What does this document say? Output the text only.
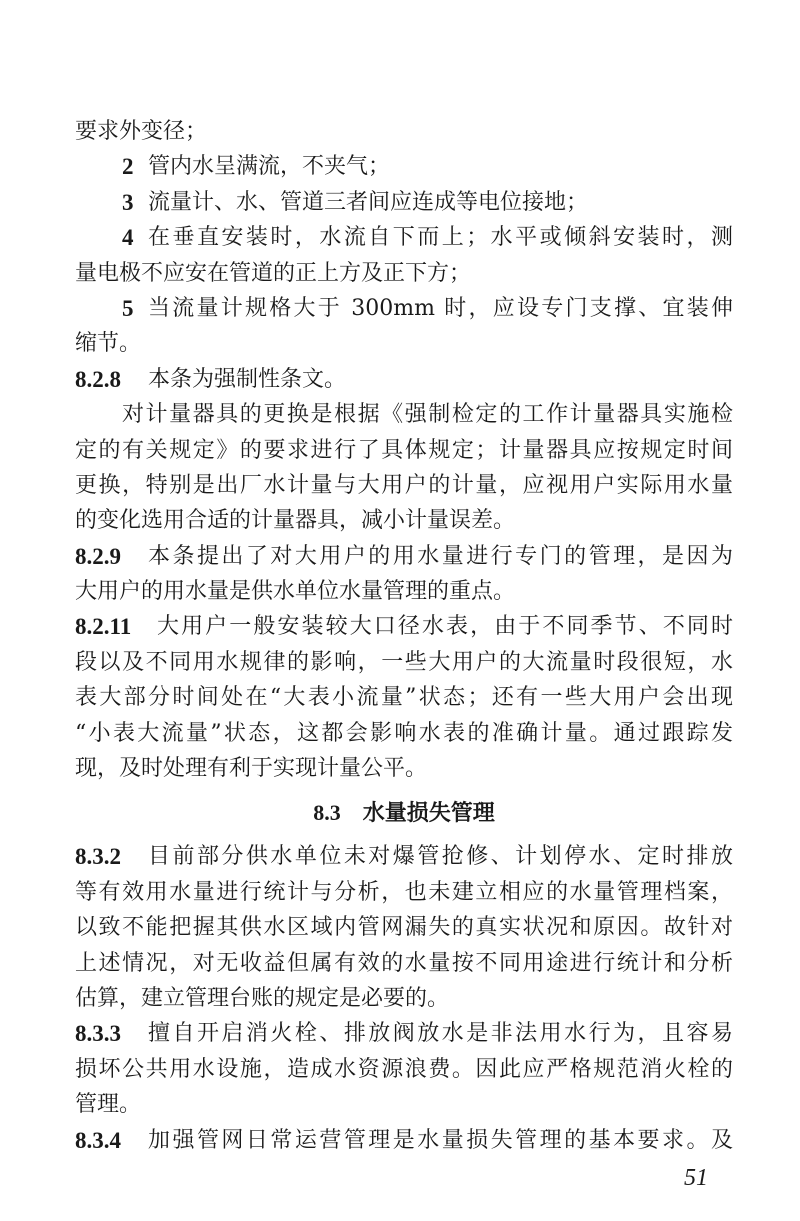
要求外变径；
2 管内水呈满流，不夹气；
3 流量计、水、管道三者间应连成等电位接地；
4 在垂直安装时，水流自下而上；水平或倾斜安装时，测
量电极不应安在管道的正上方及正下方；
5 当流量计规格大于 300mm 时，应设专门支撑、宜装伸
缩节。
8.2.8	本条为强制性条文。
对计量器具的更换是根据《强制检定的工作计量器具实施检
定的有关规定》的要求进行了具体规定；计量器具应按规定时间
更换，特别是出厂水计量与大用户的计量，应视用户实际用水量
的变化选用合适的计量器具，减小计量误差。
8.2.9	本条提出了对大用户的用水量进行专门的管理，是因为
大用户的用水量是供水单位水量管理的重点。
8.2.11	大用户一般安装较大口径水表，由于不同季节、不同时
段以及不同用水规律的影响，一些大用户的大流量时段很短，水
表大部分时间处在“大表小流量”状态；还有一些大用户会出现
“小表大流量”状态，这都会影响水表的准确计量。通过跟踪发
现，及时处理有利于实现计量公平。
8.3 水量损失管理
8.3.2	目前部分供水单位未对爆管抢修、计划停水、定时排放
等有效用水量进行统计与分析，也未建立相应的水量管理档案，
以致不能把握其供水区域内管网漏失的真实状况和原因。故针对
上述情况，对无收益但属有效的水量按不同用途进行统计和分析
估算，建立管理台账的规定是必要的。
8.3.3	擅自开启消火栓、排放阀放水是非法用水行为，且容易
损坏公共用水设施，造成水资源浪费。因此应严格规范消火栓的
管理。
8.3.4	加强管网日常运营管理是水量损失管理的基本要求。及
51
